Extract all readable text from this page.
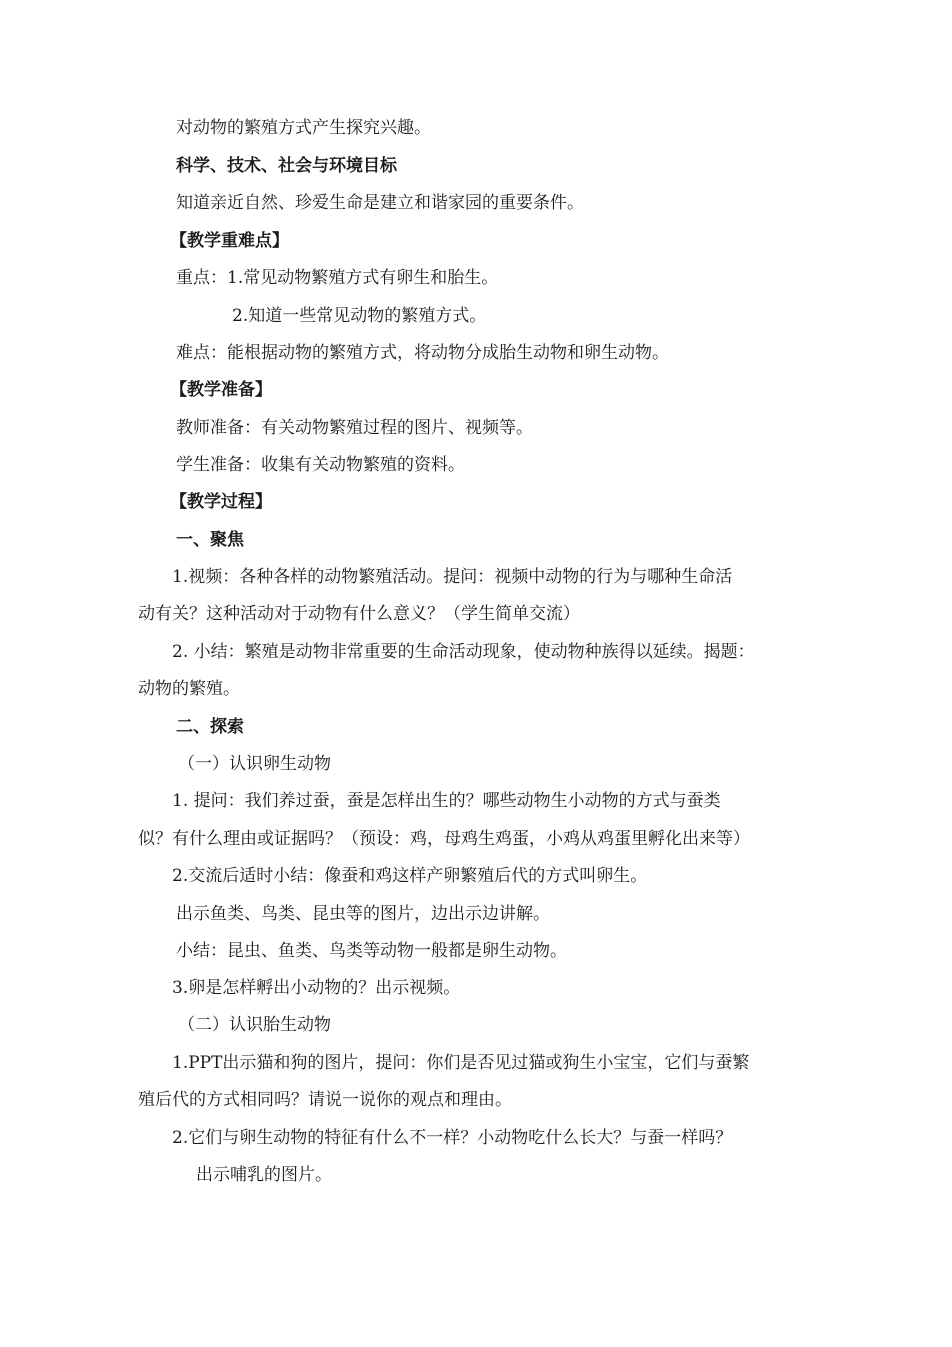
对动物的繁殖方式产生探究兴趣。
科学、技术、社会与环境目标
知道亲近自然、珍爱生命是建立和谐家园的重要条件。
【教学重难点】
重点：1.常见动物繁殖方式有卵生和胎生。
2.知道一些常见动物的繁殖方式。
难点：能根据动物的繁殖方式，将动物分成胎生动物和卵生动物。
【教学准备】
教师准备：有关动物繁殖过程的图片、视频等。
学生准备：收集有关动物繁殖的资料。
【教学过程】
一、聚焦
1.视频：各种各样的动物繁殖活动。提问：视频中动物的行为与哪种生命活
动有关？这种活动对于动物有什么意义？（学生简单交流）
2. 小结：繁殖是动物非常重要的生命活动现象，使动物种族得以延续。揭题：
动物的繁殖。
二、探索
（一）认识卵生动物
1. 提问：我们养过蚕，蚕是怎样出生的？哪些动物生小动物的方式与蚕类
似？有什么理由或证据吗？（预设：鸡，母鸡生鸡蛋，小鸡从鸡蛋里孵化出来等）
2.交流后适时小结：像蚕和鸡这样产卵繁殖后代的方式叫卵生。
出示鱼类、鸟类、昆虫等的图片，边出示边讲解。
小结：昆虫、鱼类、鸟类等动物一般都是卵生动物。
3.卵是怎样孵出小动物的？出示视频。
（二）认识胎生动物
1.PPT出示猫和狗的图片，提问：你们是否见过猫或狗生小宝宝，它们与蚕繁
殖后代的方式相同吗？请说一说你的观点和理由。
2.它们与卵生动物的特征有什么不一样？小动物吃什么长大？与蚕一样吗？
出示哺乳的图片。
